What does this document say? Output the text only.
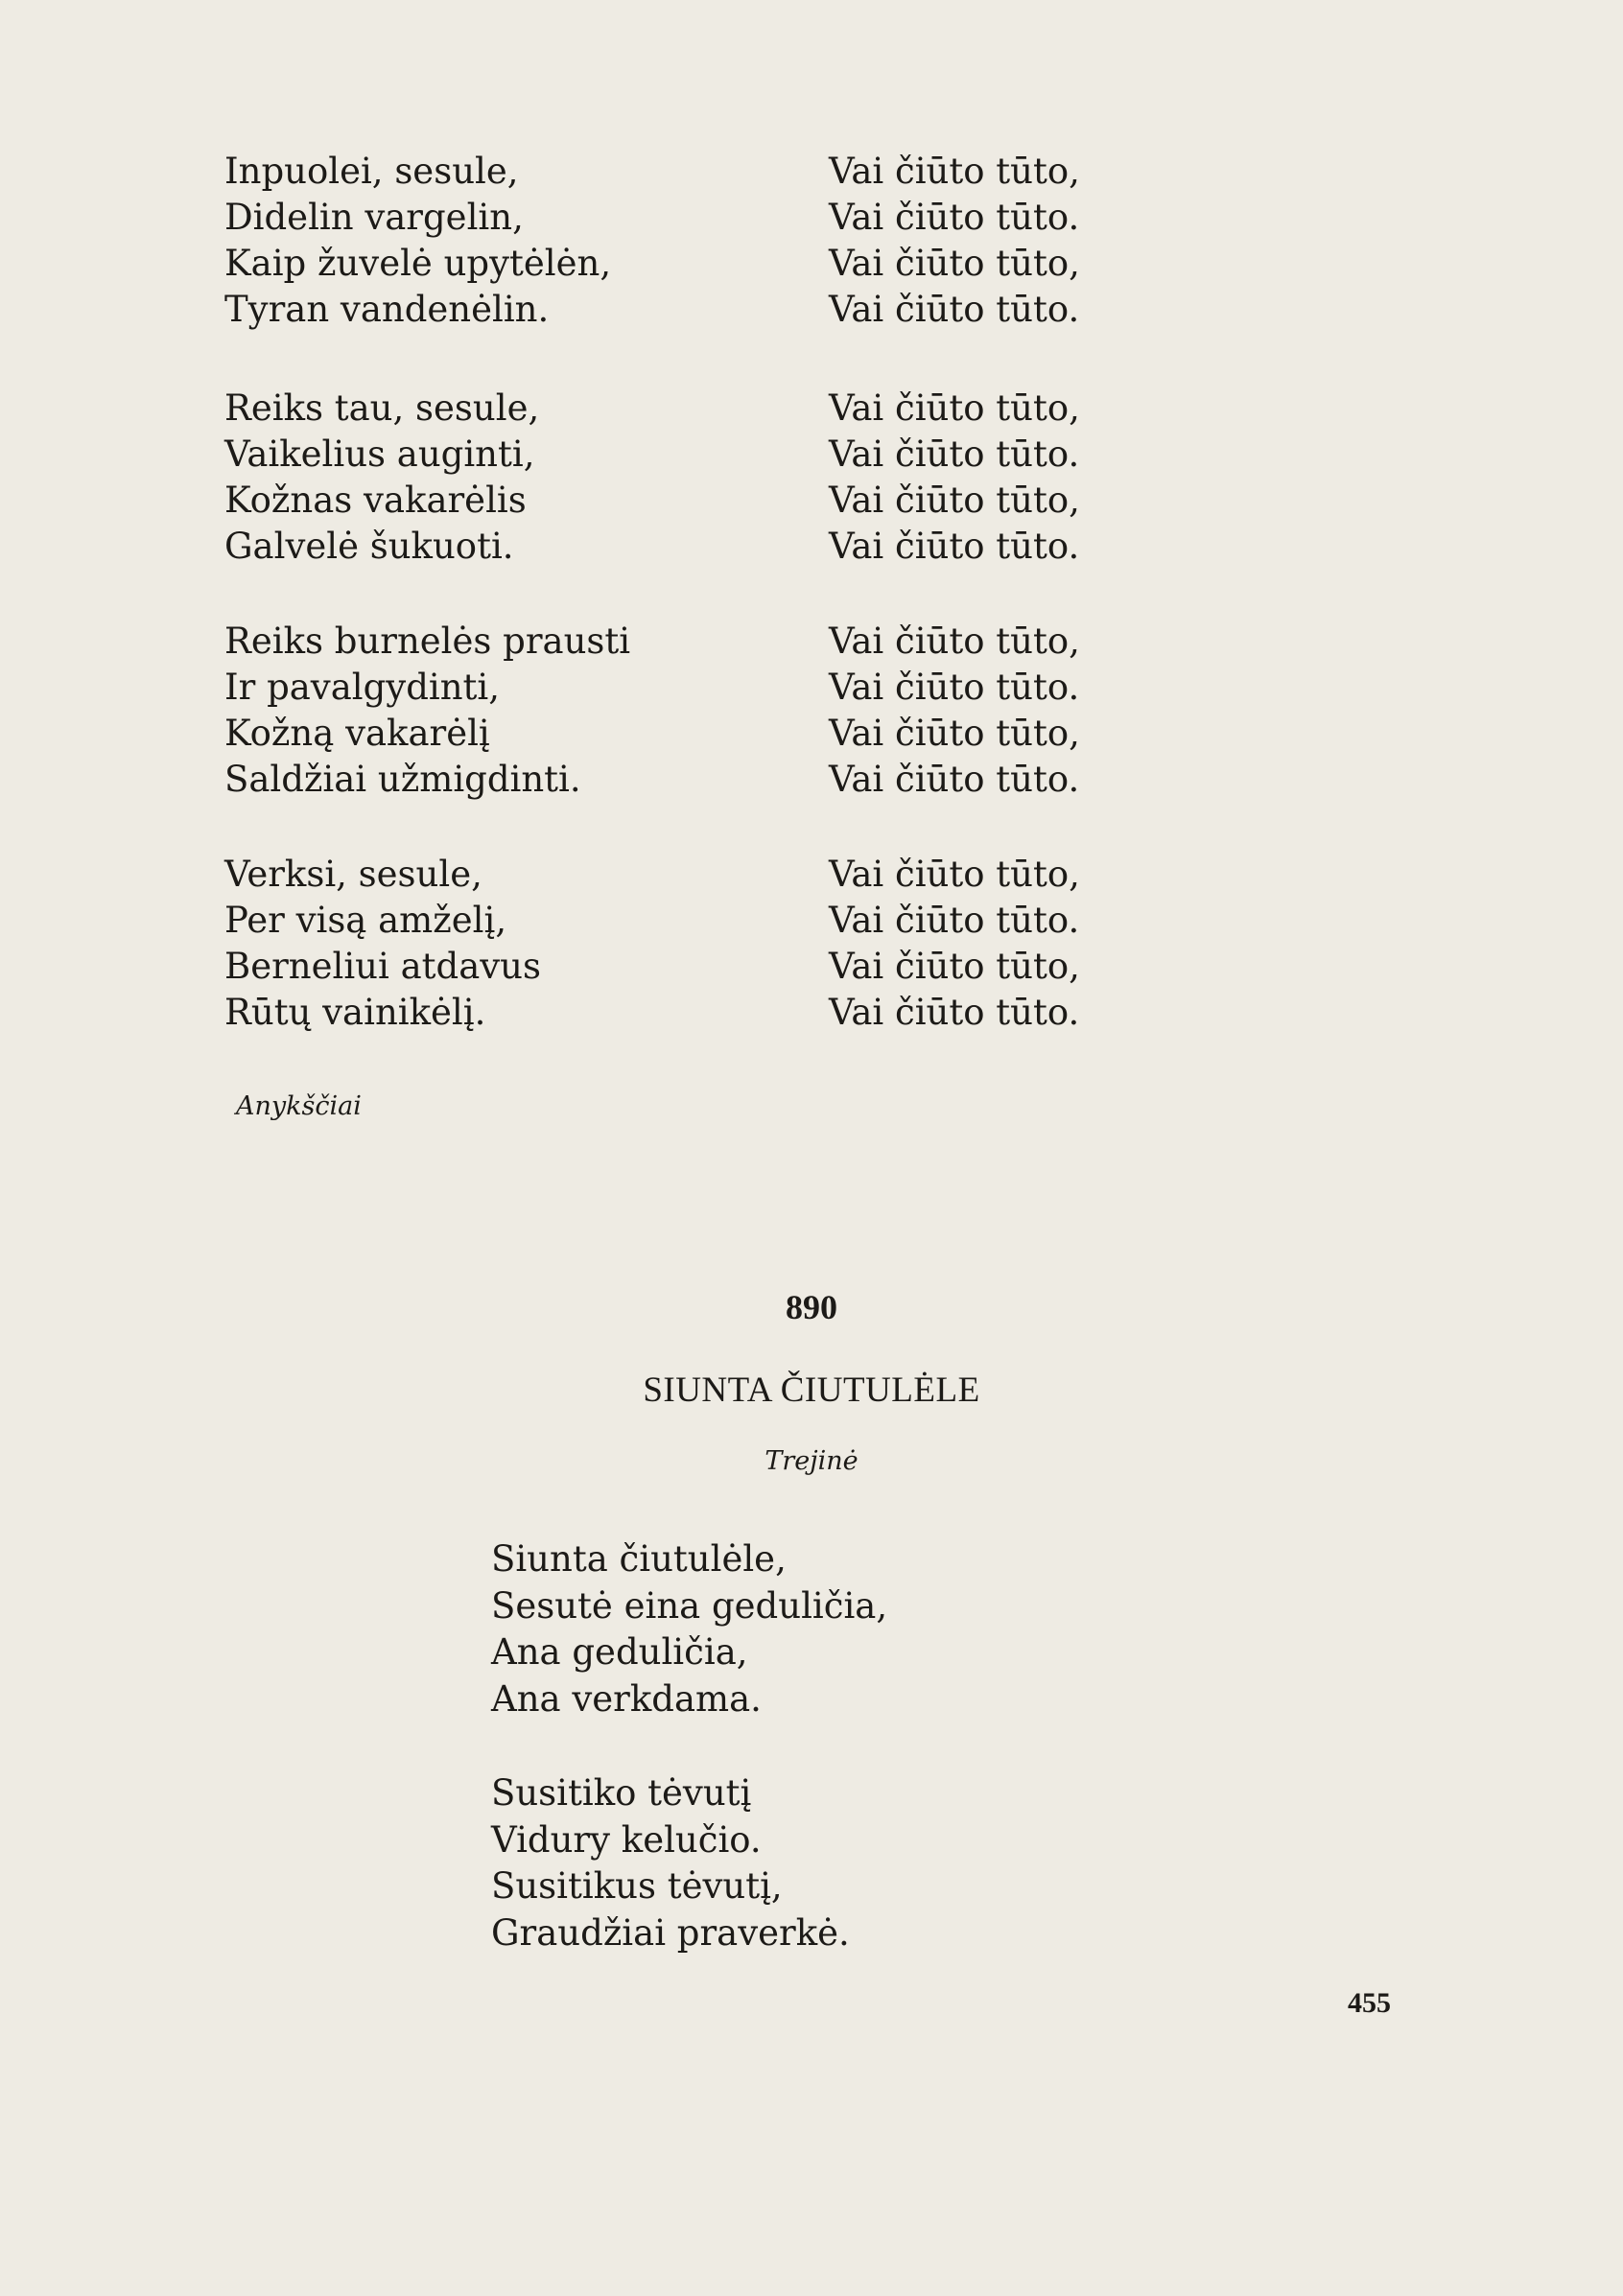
Inpuolei, sesule,	Vai čiūto tūto,
Didelin vargelin,	Vai čiūto tūto.
Kaip žuvelė upytėlėn,	Vai čiūto tūto,
Tyran vandenėlin.	Vai čiūto tūto.
Reiks tau, sesule,	Vai čiūto tūto,
Vaikelius auginti,	Vai čiūto tūto.
Kožnas vakarėlis	Vai čiūto tūto,
Galvelė šukuoti.	Vai čiūto tūto.
Reiks burnelės prausti	Vai čiūto tūto,
Ir pavalgydinti,	Vai čiūto tūto.
Kožną vakarėlį	Vai čiūto tūto,
Saldžiai užmigdinti.	Vai čiūto tūto.
Verksi, sesule,	Vai čiūto tūto,
Per visą amželį,	Vai čiūto tūto.
Berneliui atdavus	Vai čiūto tūto,
Rūtų vainikėlį.	Vai čiūto tūto.
Anykščiai
890
SIUNTA ČIUTULĖLE
Trejinė
Siunta čiutulėle,
Sesutė eina geduličia,
Ana geduličia,
Ana verkdama.
Susitiko tėvutį
Vidury kelučio.
Susitikus tėvutį,
Graudžiai praverkė.
455
